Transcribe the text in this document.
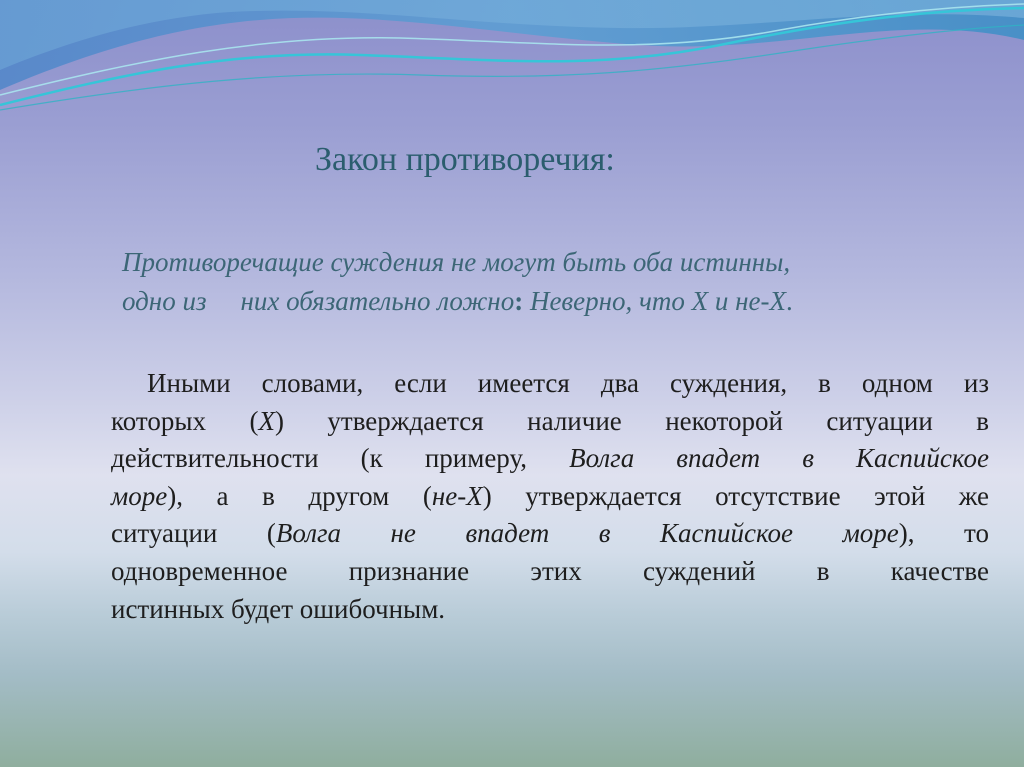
Закон противоречия:
Противоречащие суждения не могут быть оба истинны,
одно из них обязательно ложно: Неверно, что X и не-X.
Иными словами, если имеется два суждения, в одном из
которых (X) утверждается наличие некоторой ситуации в
действительности (к примеру, Волга впадет в Каспийское
море), а в другом (не-X) утверждается отсутствие этой же
ситуации (Волга не впадет в Каспийское море), то
одновременное признание этих суждений в качестве
истинных будет ошибочным.
